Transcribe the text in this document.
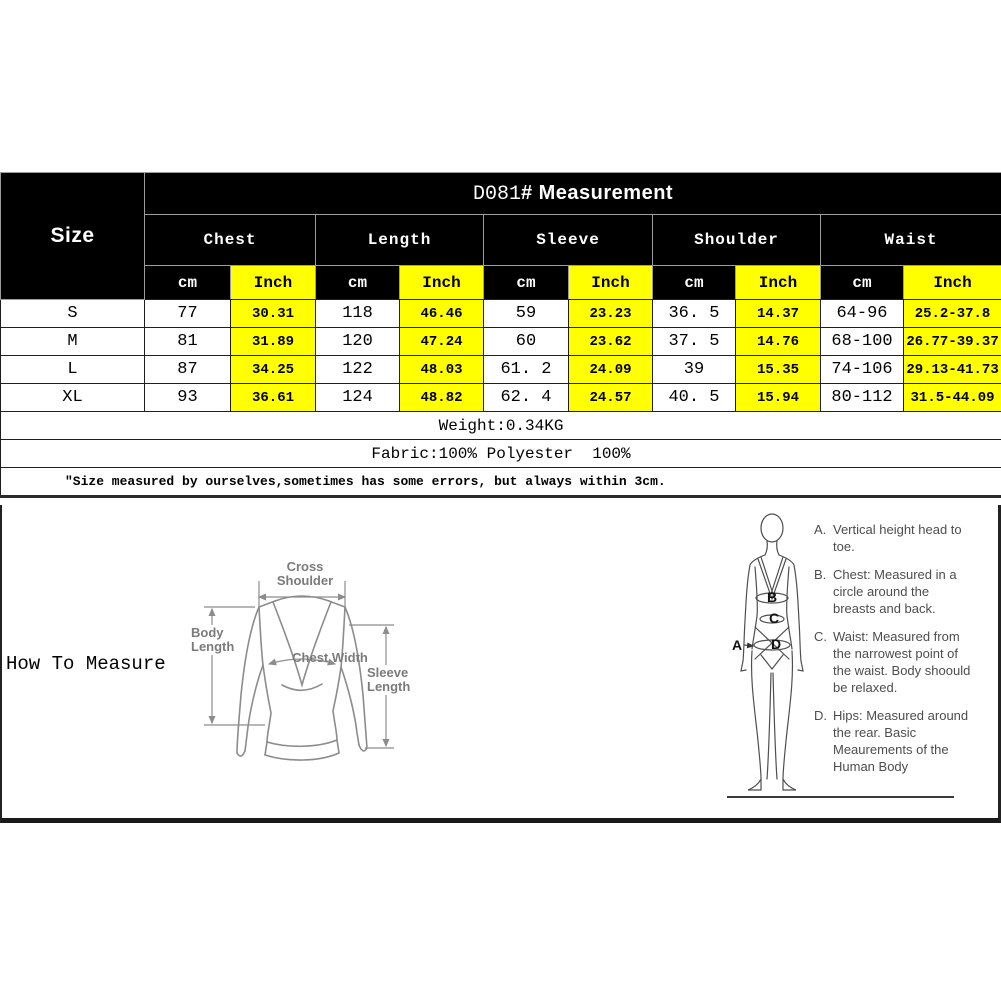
Size	D081# Measurement									
	Chest		Length		Sleeve		Shoulder		Waist	
	cm	Inch	cm	Inch	cm	Inch	cm	Inch	cm	Inch
S	77	30.31	118	46.46	59	23.23	36. 5	14.37	64-96	25.2-37.8
M	81	31.89	120	47.24	60	23.62	37. 5	14.76	68-100	26.77-39.37
L	87	34.25	122	48.03	61. 2	24.09	39	15.35	74-106	29.13-41.73
XL	93	36.61	124	48.82	62. 4	24.57	40. 5	15.94	80-112	31.5-44.09
Weight:0.34KG										
Fabric:100% Polyester  100%										
″Size measured by ourselves,sometimes has some errors, but always within 3cm.										
How To Measure
Cross Shoulder
Body Length
Chest Width
Sleeve Length
A
B
C
D
A. Vertical height head to toe.
B. Chest: Measured in a circle around the breasts and back.
C. Waist: Measured from the narrowest point of the waist. Body shoould be relaxed.
D. Hips: Measured around the rear. Basic Meaurements of the Human Body
